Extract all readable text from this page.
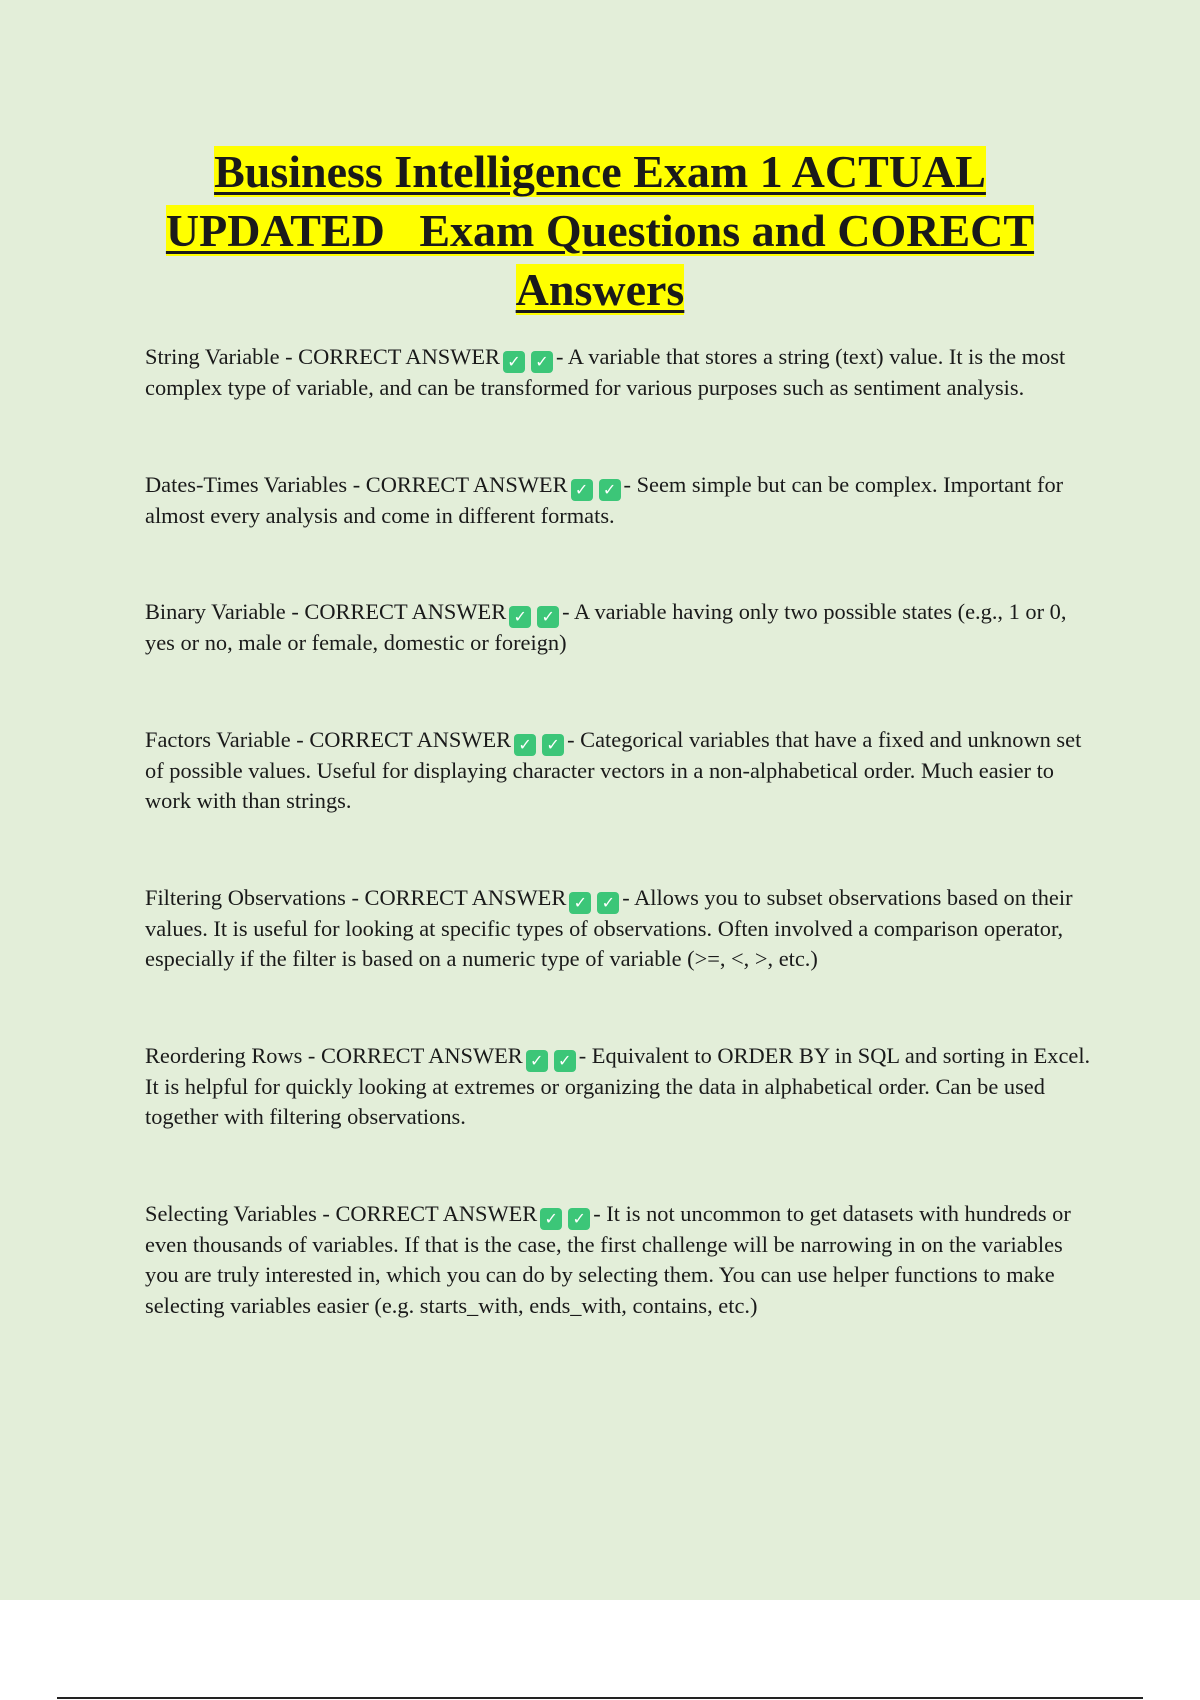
Business Intelligence Exam 1 ACTUAL
UPDATED   Exam Questions and CORECT
Answers

String Variable - CORRECT ANSWER ✓ ✓ - A variable that stores a string (text) value. It is the most complex type of variable, and can be transformed for various purposes such as sentiment analysis.

Dates-Times Variables - CORRECT ANSWER ✓ ✓ - Seem simple but can be complex. Important for almost every analysis and come in different formats.

Binary Variable - CORRECT ANSWER ✓ ✓ - A variable having only two possible states (e.g., 1 or 0, yes or no, male or female, domestic or foreign)

Factors Variable - CORRECT ANSWER ✓ ✓ - Categorical variables that have a fixed and unknown set of possible values. Useful for displaying character vectors in a non-alphabetical order. Much easier to work with than strings.

Filtering Observations - CORRECT ANSWER ✓ ✓ - Allows you to subset observations based on their values. It is useful for looking at specific types of observations. Often involved a comparison operator, especially if the filter is based on a numeric type of variable (>=, <, >, etc.)

Reordering Rows - CORRECT ANSWER ✓ ✓ - Equivalent to ORDER BY in SQL and sorting in Excel. It is helpful for quickly looking at extremes or organizing the data in alphabetical order. Can be used together with filtering observations.

Selecting Variables - CORRECT ANSWER ✓ ✓ - It is not uncommon to get datasets with hundreds or even thousands of variables. If that is the case, the first challenge will be narrowing in on the variables you are truly interested in, which you can do by selecting them. You can use helper functions to make selecting variables easier (e.g. starts_with, ends_with, contains, etc.)
